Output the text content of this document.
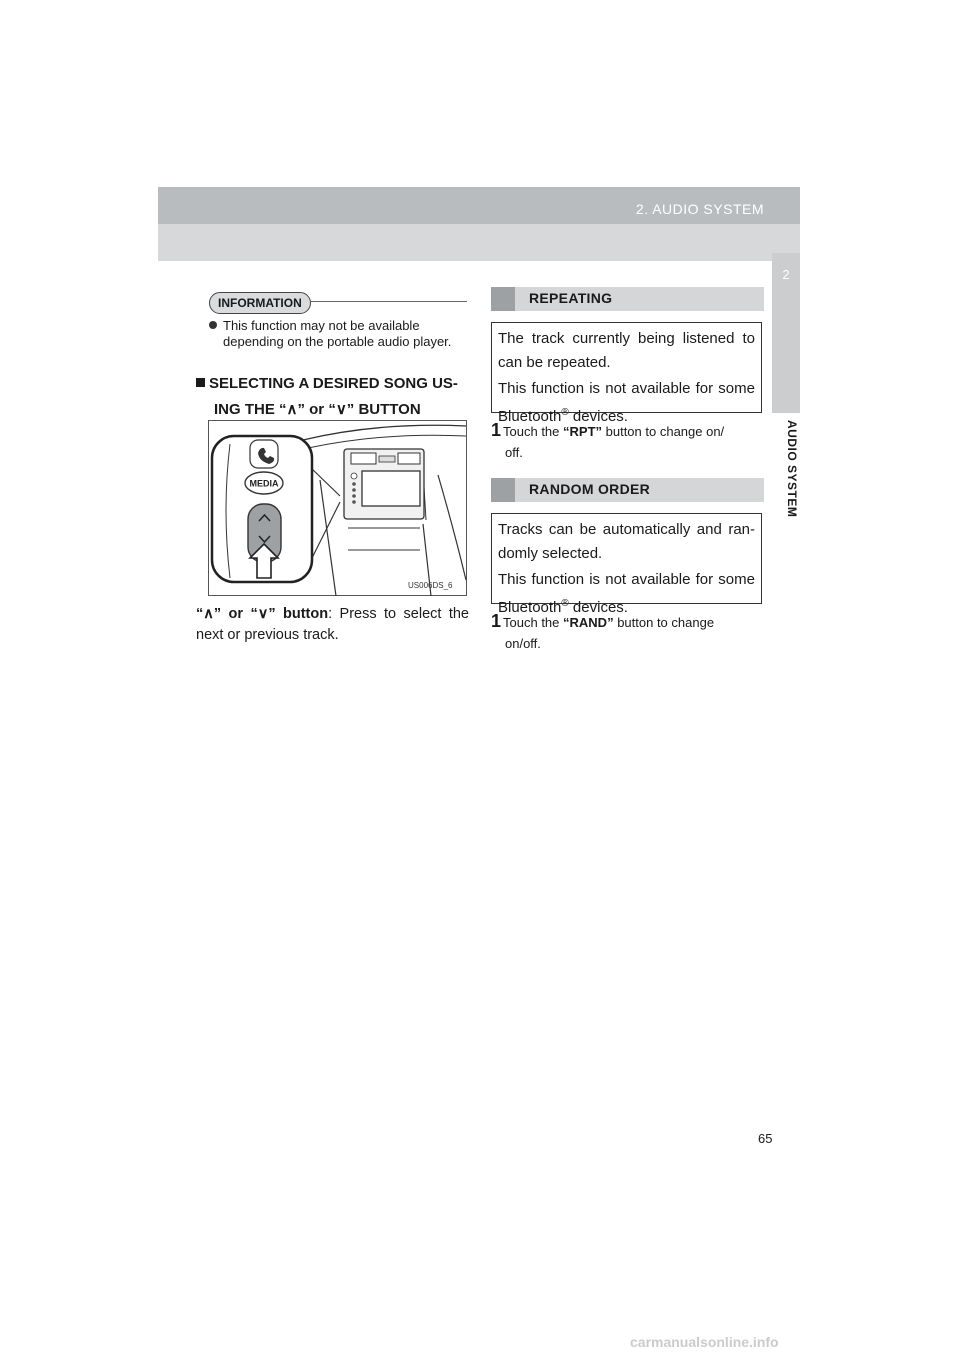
2. AUDIO SYSTEM
2
AUDIO SYSTEM
INFORMATION
This function may not be available
depending on the portable audio player.
SELECTING A DESIRED SONG US-
ING THE “∧” or “∨” BUTTON
MEDIA
US006DS_6
“∧” or “∨” button: Press to select the next or previous track.
REPEATING

The track currently being listened to can be repeated.

This function is not available for some Bluetooth® devices.

1 Touch the “RPT” button to change on/
off.
RANDOM ORDER

Tracks can be automatically and ran-domly selected.

This function is not available for some Bluetooth® devices.

1 Touch the “RAND” button to change
on/off.
65
carmanualsonline.info
